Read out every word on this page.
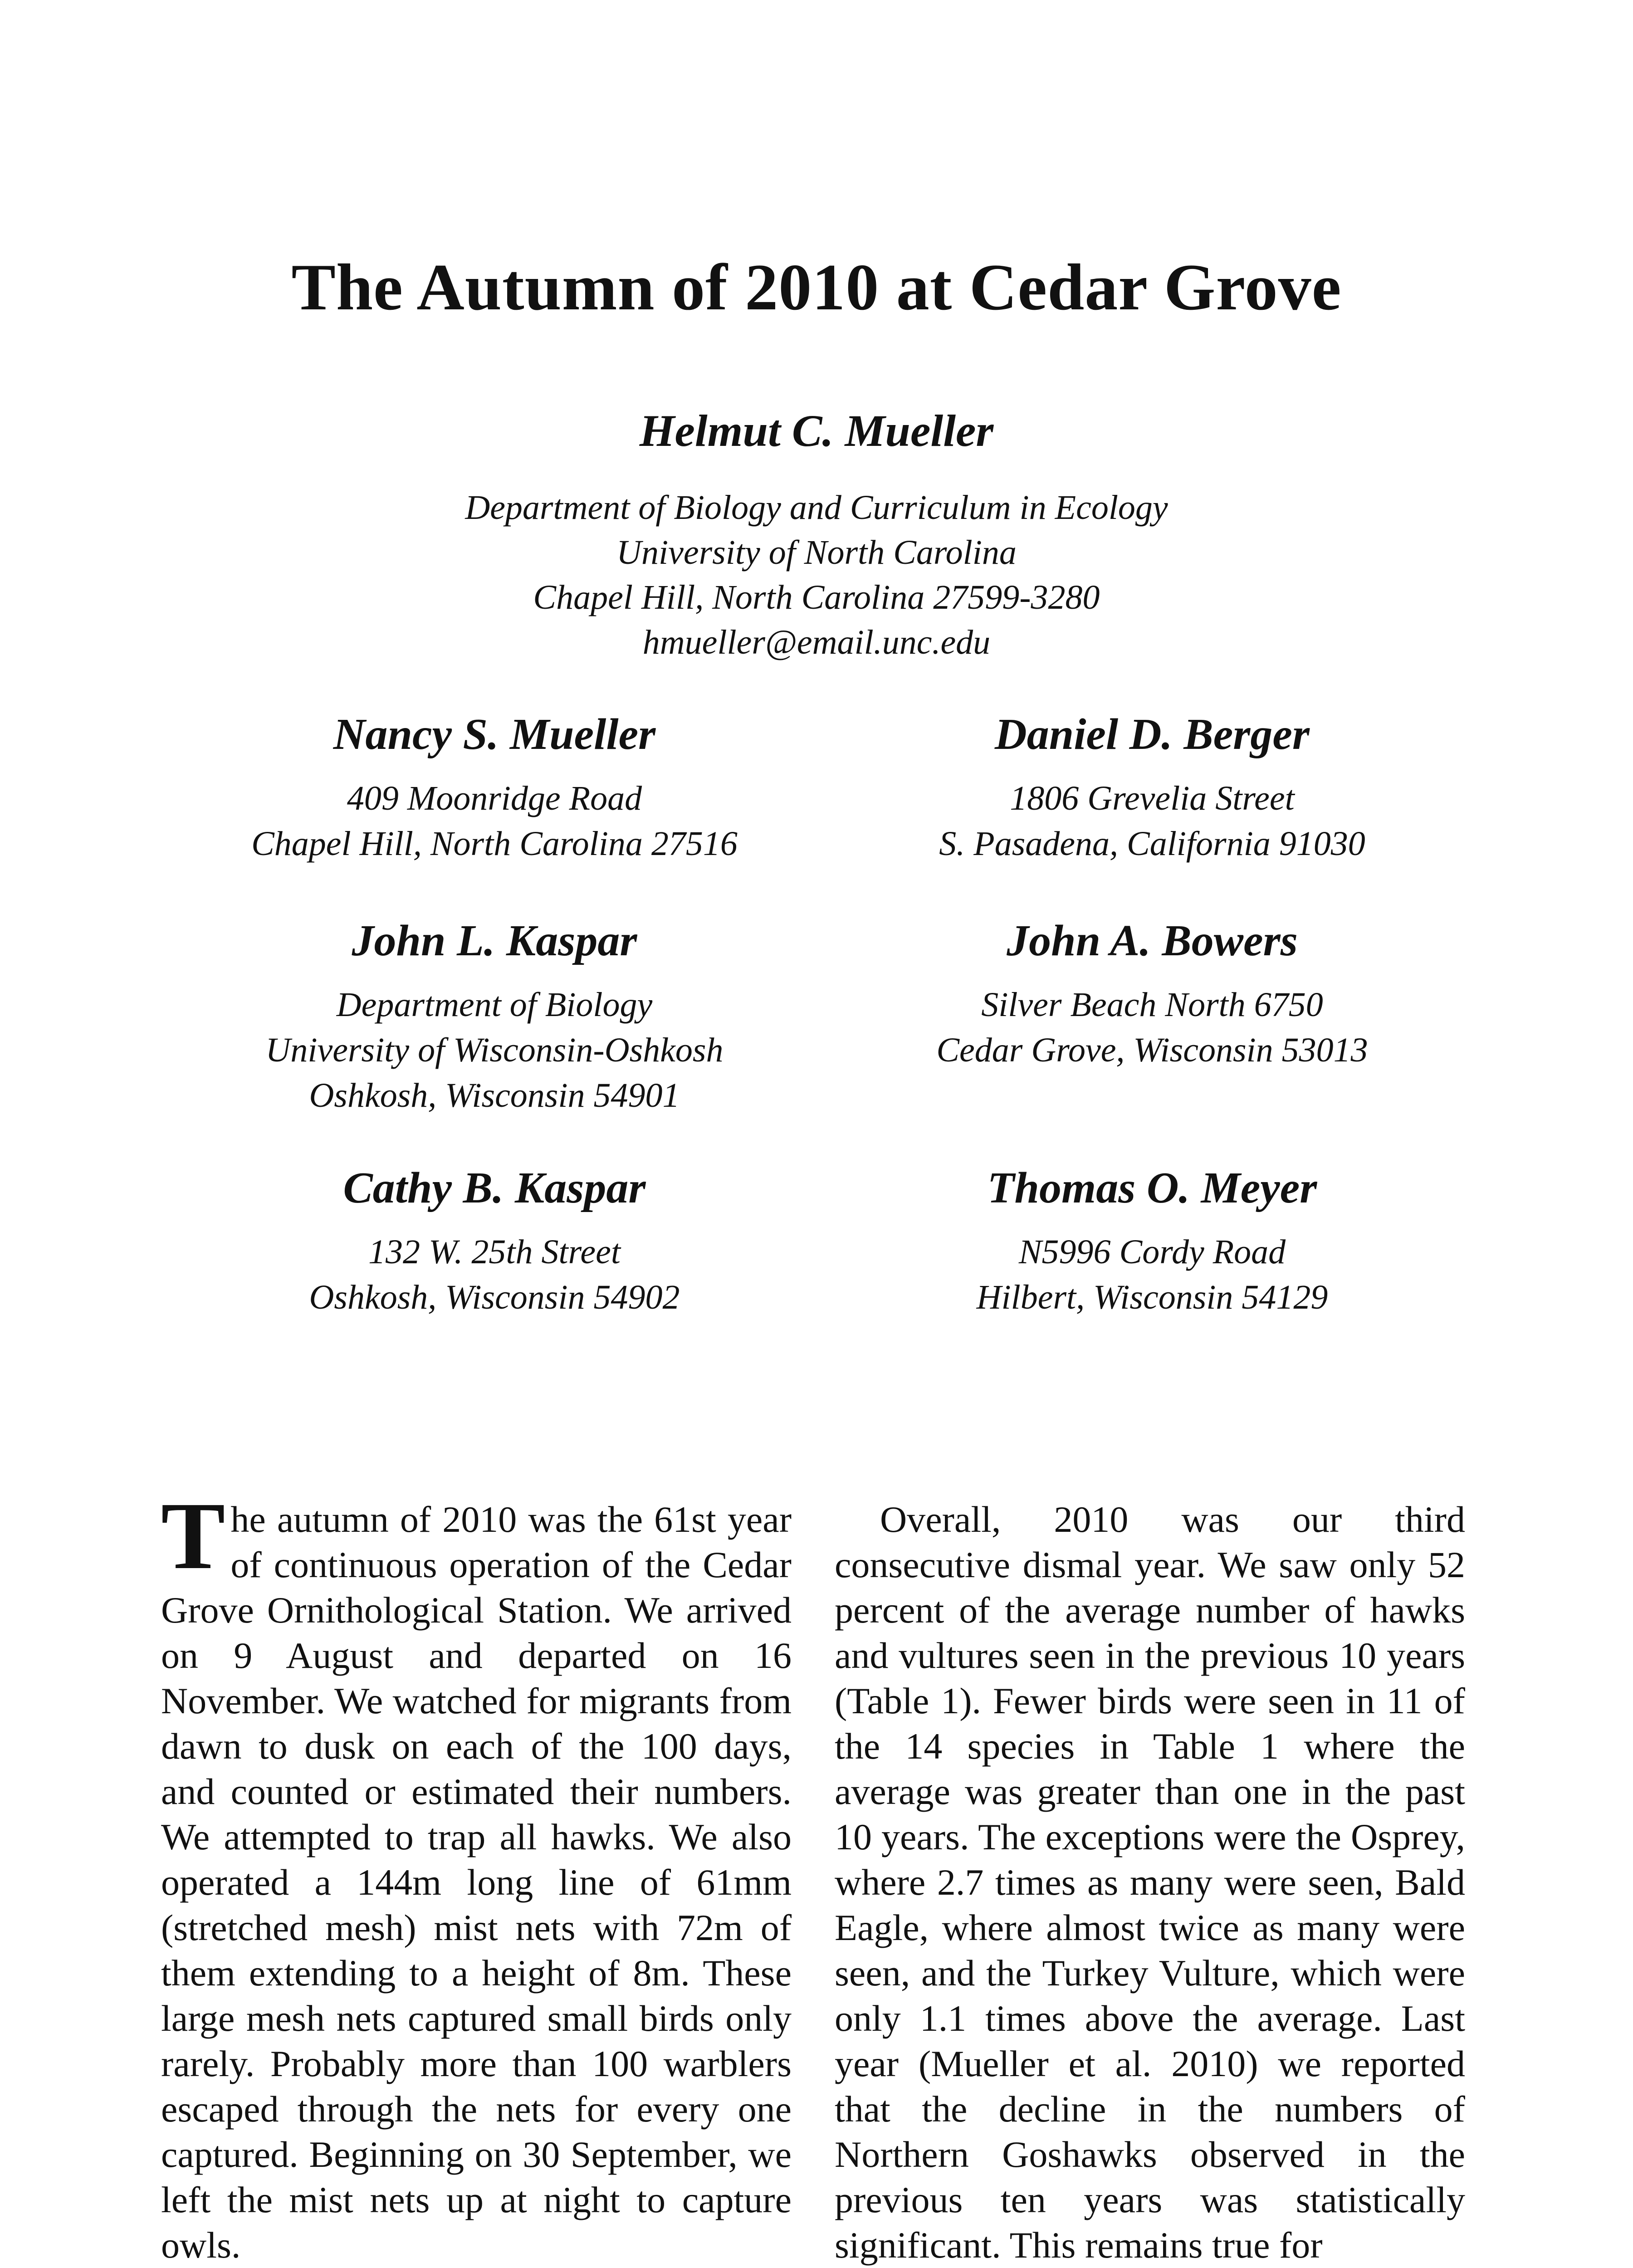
The Autumn of 2010 at Cedar Grove
Helmut C. Mueller
Department of Biology and Curriculum in Ecology
University of North Carolina
Chapel Hill, North Carolina 27599-3280
hmueller@email.unc.edu
Nancy S. Mueller
409 Moonridge Road
Chapel Hill, North Carolina 27516
Daniel D. Berger
1806 Grevelia Street
S. Pasadena, California 91030
John L. Kaspar
Department of Biology
University of Wisconsin-Oshkosh
Oshkosh, Wisconsin 54901
John A. Bowers
Silver Beach North 6750
Cedar Grove, Wisconsin 53013
Cathy B. Kaspar
132 W. 25th Street
Oshkosh, Wisconsin 54902
Thomas O. Meyer
N5996 Cordy Road
Hilbert, Wisconsin 54129
The autumn of 2010 was the 61st year of continuous operation of the Cedar Grove Ornithological Station. We arrived on 9 August and departed on 16 November. We watched for migrants from dawn to dusk on each of the 100 days, and counted or estimated their numbers. We attempted to trap all hawks. We also operated a 144m long line of 61mm (stretched mesh) mist nets with 72m of them extending to a height of 8m. These large mesh nets captured small birds only rarely. Probably more than 100 warblers escaped through the nets for every one captured. Beginning on 30 September, we left the mist nets up at night to capture owls.
Overall, 2010 was our third consecutive dismal year. We saw only 52 percent of the average number of hawks and vultures seen in the previous 10 years (Table 1). Fewer birds were seen in 11 of the 14 species in Table 1 where the average was greater than one in the past 10 years. The exceptions were the Osprey, where 2.7 times as many were seen, Bald Eagle, where almost twice as many were seen, and the Turkey Vulture, which were only 1.1 times above the average. Last year (Mueller et al. 2010) we reported that the decline in the numbers of Northern Goshawks observed in the previous ten years was statistically significant. This remains true for
